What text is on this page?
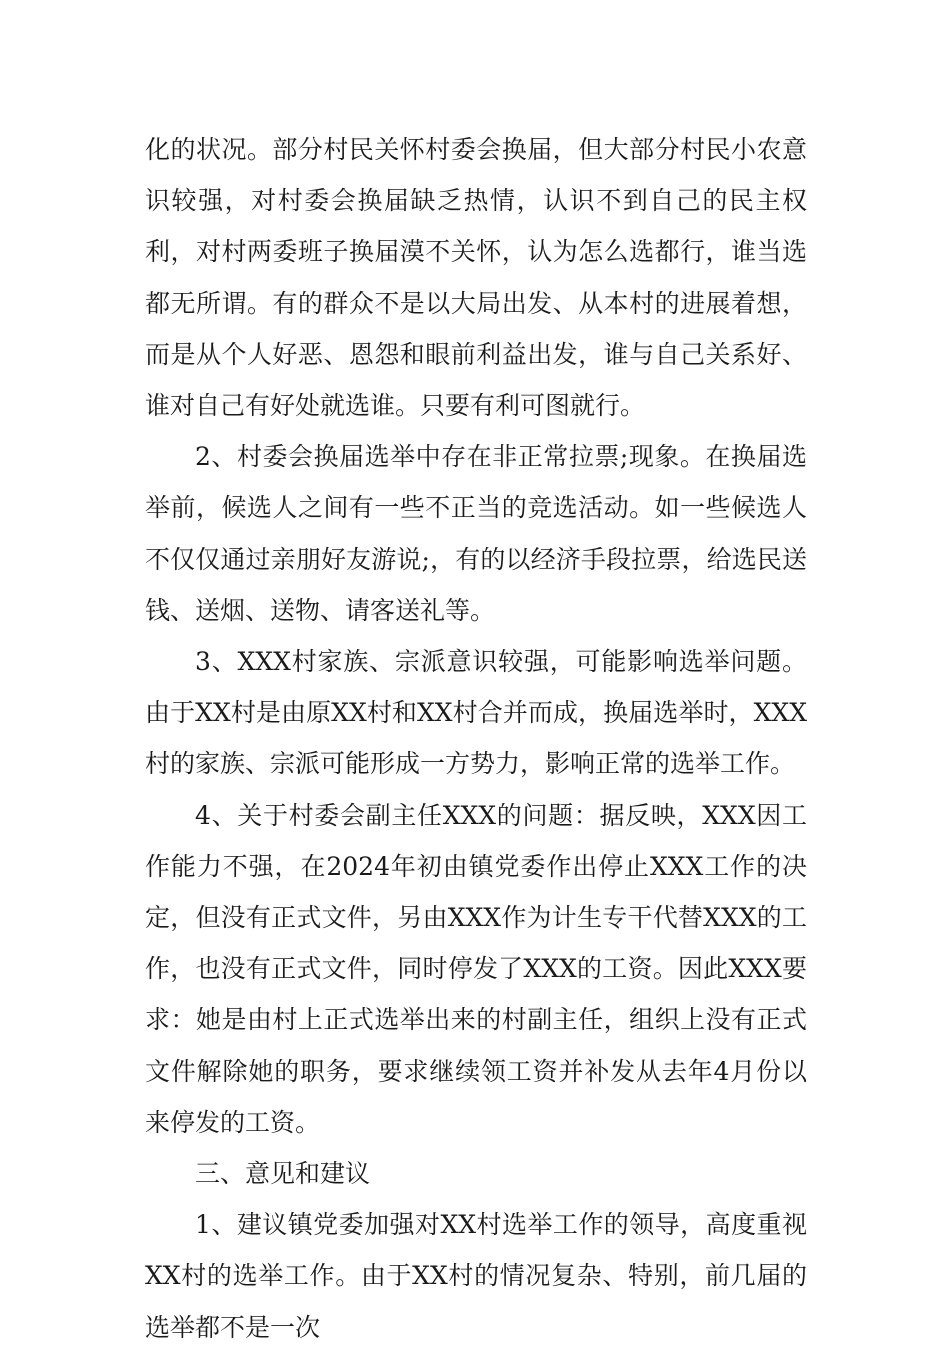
化的状况。部分村民关怀村委会换届，但大部分村民小农意识较强，对村委会换届缺乏热情，认识不到自己的民主权利，对村两委班子换届漠不关怀，认为怎么选都行，谁当选都无所谓。有的群众不是以大局出发、从本村的进展着想，而是从个人好恶、恩怨和眼前利益出发，谁与自己关系好、谁对自己有好处就选谁。只要有利可图就行。

2、村委会换届选举中存在非正常拉票;现象。在换届选举前，候选人之间有一些不正当的竞选活动。如一些候选人不仅仅通过亲朋好友游说;，有的以经济手段拉票，给选民送钱、送烟、送物、请客送礼等。

3、XXX村家族、宗派意识较强，可能影响选举问题。由于XX村是由原XX村和XX村合并而成，换届选举时，XXX村的家族、宗派可能形成一方势力，影响正常的选举工作。

4、关于村委会副主任XXX的问题：据反映，XXX因工作能力不强，在2024年初由镇党委作出停止XXX工作的决定，但没有正式文件，另由XXX作为计生专干代替XXX的工作，也没有正式文件，同时停发了XXX的工资。因此XXX要求：她是由村上正式选举出来的村副主任，组织上没有正式文件解除她的职务，要求继续领工资并补发从去年4月份以来停发的工资。

三、意见和建议

1、建议镇党委加强对XX村选举工作的领导，高度重视XX村的选举工作。由于XX村的情况复杂、特别，前几届的选举都不是一次
